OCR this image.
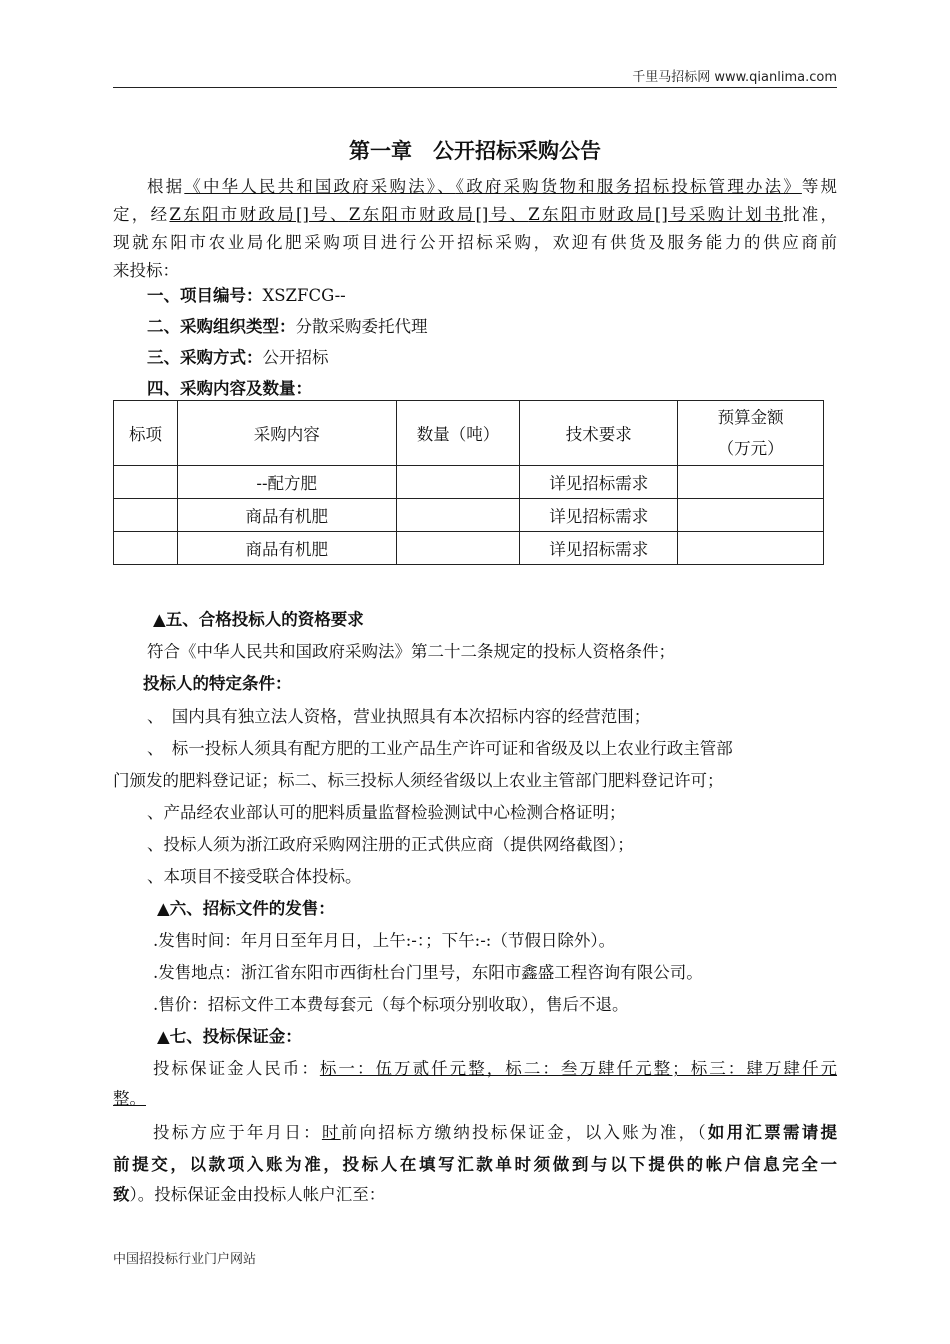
千里马招标网 www.qianlima.com
第一章　公开招标采购公告
根据《中华人民共和国政府采购法》、《政府采购货物和服务招标投标管理办法》等规
定，经Z东阳市财政局[]号、Z东阳市财政局[]号、Z东阳市财政局[]号采购计划书批准，
现就东阳市农业局化肥采购项目进行公开招标采购，欢迎有供货及服务能力的供应商前
来投标：
一、项目编号：XSZFCG--
二、采购组织类型：分散采购委托代理
三、采购方式：公开招标
四、采购内容及数量：
标项	采购内容	数量（吨）	技术要求	预算金额
（万元）

	--配方肥		详见招标需求	
	商品有机肥		详见招标需求	
	商品有机肥		详见招标需求	
▲五、合格投标人的资格要求
符合《中华人民共和国政府采购法》第二十二条规定的投标人资格条件；
投标人的特定条件：
、　国内具有独立法人资格，营业执照具有本次招标内容的经营范围；
、　标一投标人须具有配方肥的工业产品生产许可证和省级及以上农业行政主管部
门颁发的肥料登记证；标二、标三投标人须经省级以上农业主管部门肥料登记许可；
、产品经农业部认可的肥料质量监督检验测试中心检测合格证明；
、投标人须为浙江政府采购网注册的正式供应商（提供网络截图）；
、本项目不接受联合体投标。
▲六、招标文件的发售：
.发售时间：年月日至年月日，上午:-：；下午:-:（节假日除外）。
.发售地点：浙江省东阳市西街杜台门里号，东阳市鑫盛工程咨询有限公司。
.售价：招标文件工本费每套元（每个标项分别收取），售后不退。
▲七、投标保证金：
投标保证金人民币：标一：伍万贰仟元整，标二：叁万肆仟元整；标三：肆万肆仟元
整。
投标方应于年月日：时前向招标方缴纳投标保证金，以入账为准，（如用汇票需请提
前提交，以款项入账为准，投标人在填写汇款单时须做到与以下提供的帐户信息完全一
致）。投标保证金由投标人帐户汇至：
中国招投标行业门户网站
